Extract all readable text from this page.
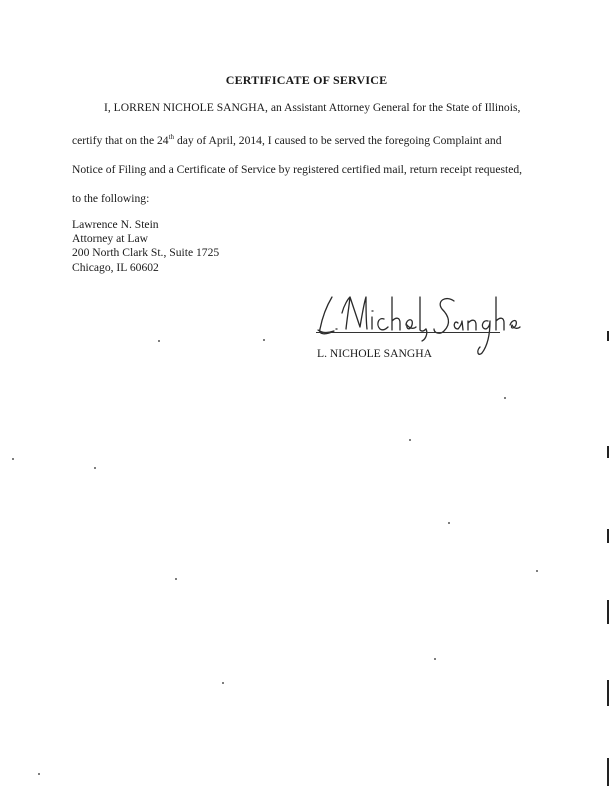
CERTIFICATE OF SERVICE
I, LORREN NICHOLE SANGHA, an Assistant Attorney General for the State of Illinois,
certify that on the 24th day of April, 2014, I caused to be served the foregoing Complaint and
Notice of Filing and a Certificate of Service by registered certified mail, return receipt requested,
to the following:
Lawrence N. Stein
Attorney at Law
200 North Clark St., Suite 1725
Chicago, IL 60602
L. NICHOLE SANGHA
